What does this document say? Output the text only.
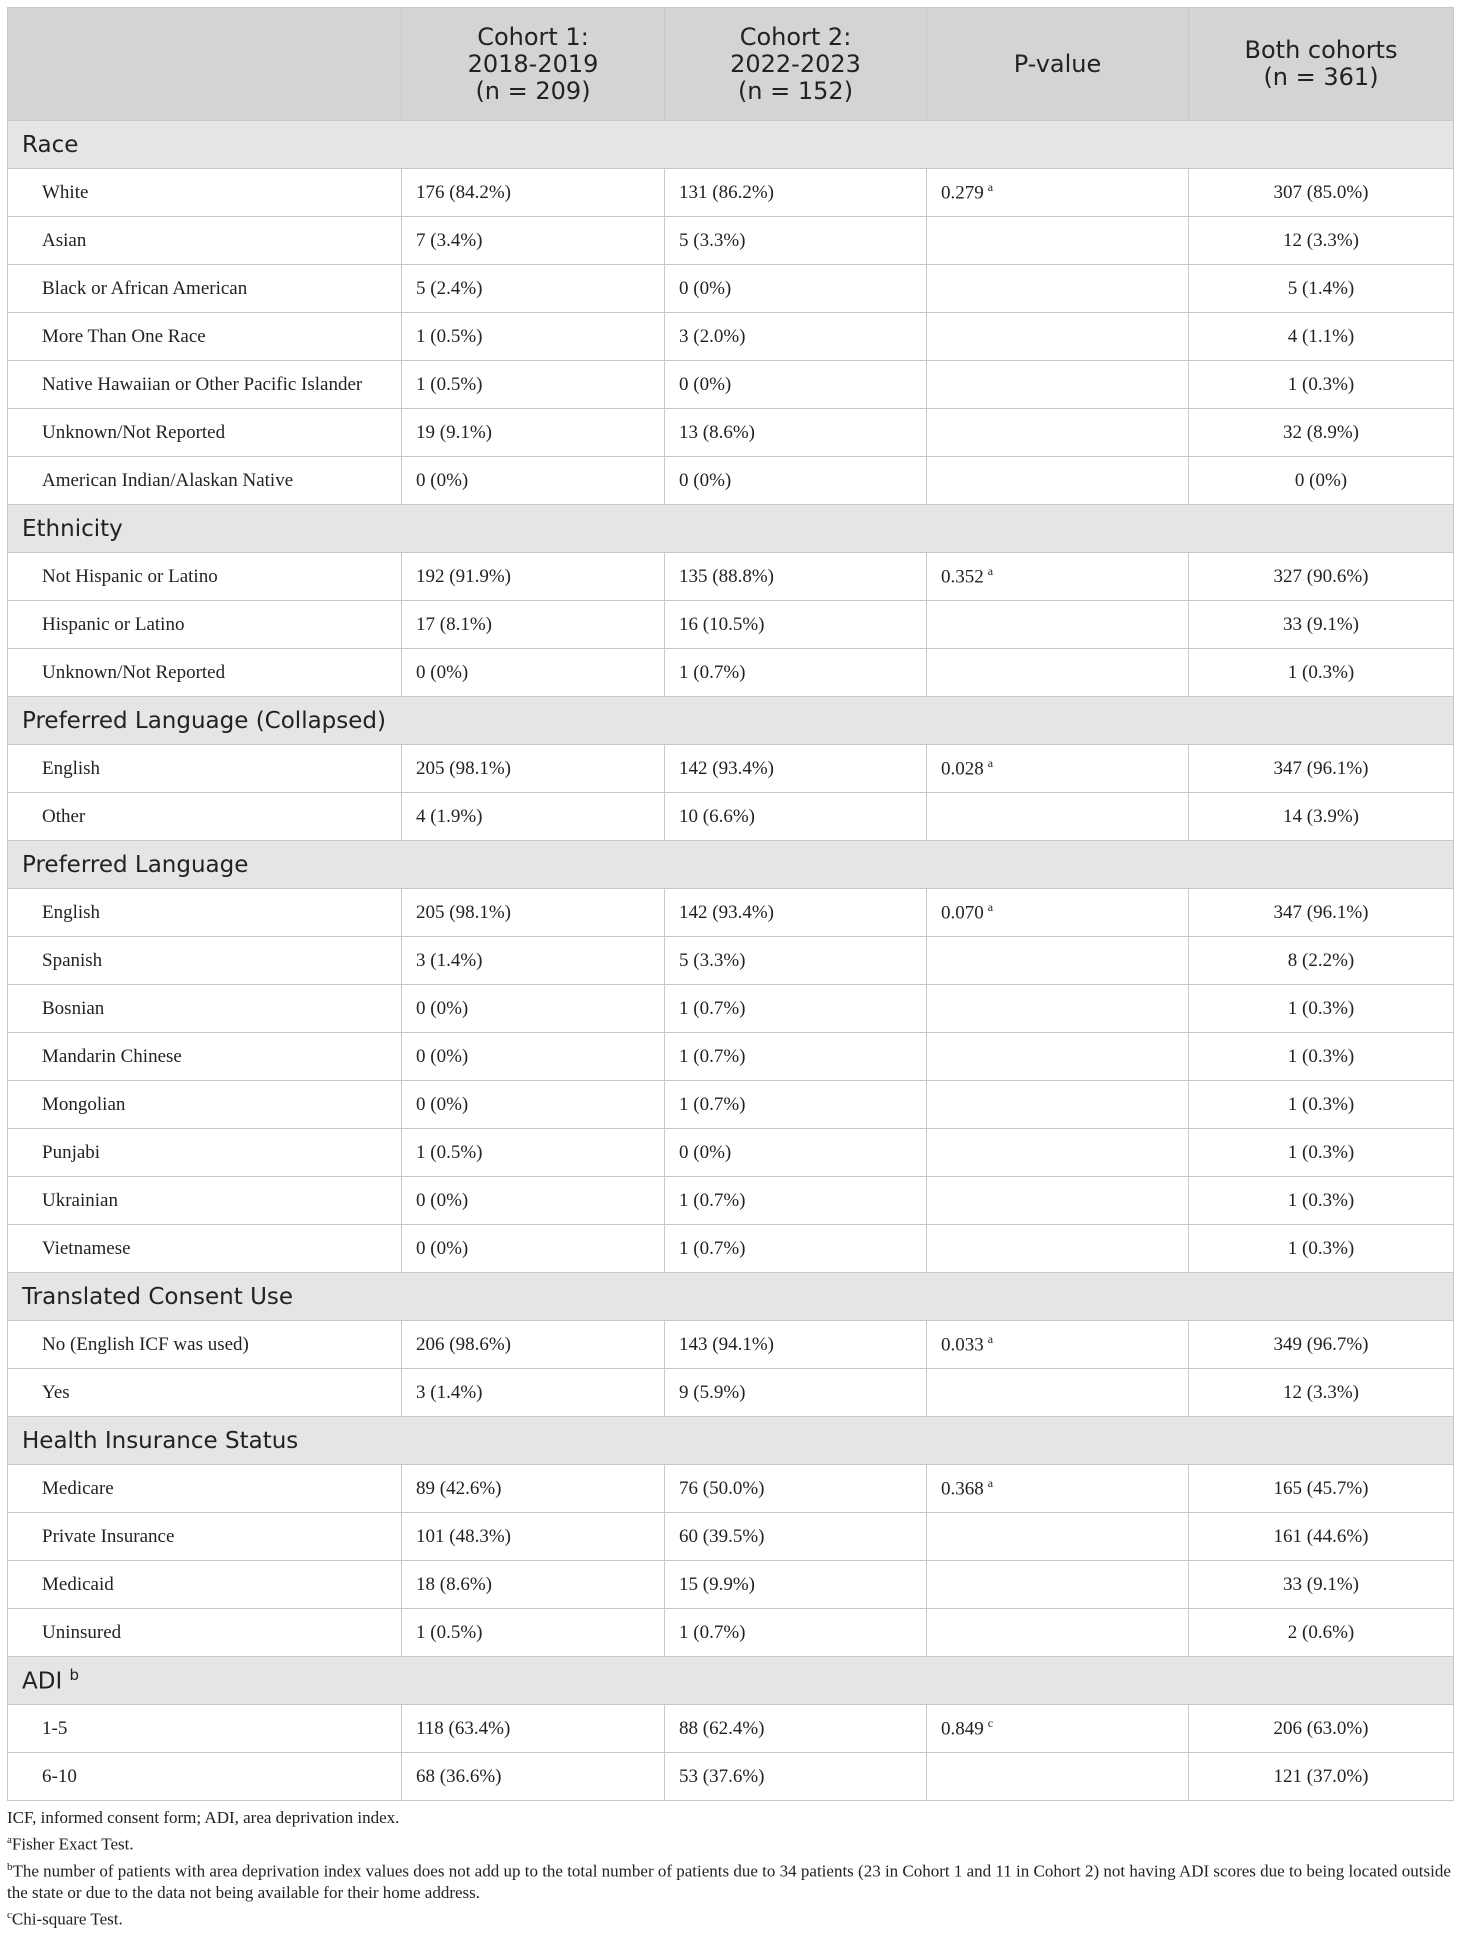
	Cohort 1:
2018-2019
(n = 209)	Cohort 2:
2022-2023
(n = 152)	P-value	Both cohorts
(n = 361)

Race				
White	176 (84.2%)	131 (86.2%)	0.279 $^a$	307 (85.0%)
Asian	7 (3.4%)	5 (3.3%)		12 (3.3%)
Black or African American	5 (2.4%)	0 (0%)		5 (1.4%)
More Than One Race	1 (0.5%)	3 (2.0%)		4 (1.1%)
Native Hawaiian or Other Pacific Islander	1 (0.5%)	0 (0%)		1 (0.3%)
Unknown/Not Reported	19 (9.1%)	13 (8.6%)		32 (8.9%)
American Indian/Alaskan Native	0 (0%)	0 (0%)		0 (0%)
Ethnicity				
Not Hispanic or Latino	192 (91.9%)	135 (88.8%)	0.352 $^a$	327 (90.6%)
Hispanic or Latino	17 (8.1%)	16 (10.5%)		33 (9.1%)
Unknown/Not Reported	0 (0%)	1 (0.7%)		1 (0.3%)
Preferred Language (Collapsed)				
English	205 (98.1%)	142 (93.4%)	0.028 $^a$	347 (96.1%)
Other	4 (1.9%)	10 (6.6%)		14 (3.9%)
Preferred Language				
English	205 (98.1%)	142 (93.4%)	0.070 $^a$	347 (96.1%)
Spanish	3 (1.4%)	5 (3.3%)		8 (2.2%)
Bosnian	0 (0%)	1 (0.7%)		1 (0.3%)
Mandarin Chinese	0 (0%)	1 (0.7%)		1 (0.3%)
Mongolian	0 (0%)	1 (0.7%)		1 (0.3%)
Punjabi	1 (0.5%)	0 (0%)		1 (0.3%)
Ukrainian	0 (0%)	1 (0.7%)		1 (0.3%)
Vietnamese	0 (0%)	1 (0.7%)		1 (0.3%)
Translated Consent Use				
No (English ICF was used)	206 (98.6%)	143 (94.1%)	0.033 $^a$	349 (96.7%)
Yes	3 (1.4%)	9 (5.9%)		12 (3.3%)
Health Insurance Status				
Medicare	89 (42.6%)	76 (50.0%)	0.368 $^a$	165 (45.7%)
Private Insurance	101 (48.3%)	60 (39.5%)		161 (44.6%)
Medicaid	18 (8.6%)	15 (9.9%)		33 (9.1%)
Uninsured	1 (0.5%)	1 (0.7%)		2 (0.6%)
ADI $^b$
1-5	118 (63.4%)	88 (62.4%)	0.849 $^c$	206 (63.0%)
6-10	68 (36.6%)	53 (37.6%)		121 (37.0%)

ICF, informed consent form; ADI, area deprivation index.

$^a$Fisher Exact Test.

$^b$The number of patients with area deprivation index values does not add up to the total number of patients due to 34 patients (23 in Cohort 1 and 11 in Cohort 2) not having ADI scores due to being located outside the state or due to the data not being available for their home address.

$^c$Chi-square Test.
